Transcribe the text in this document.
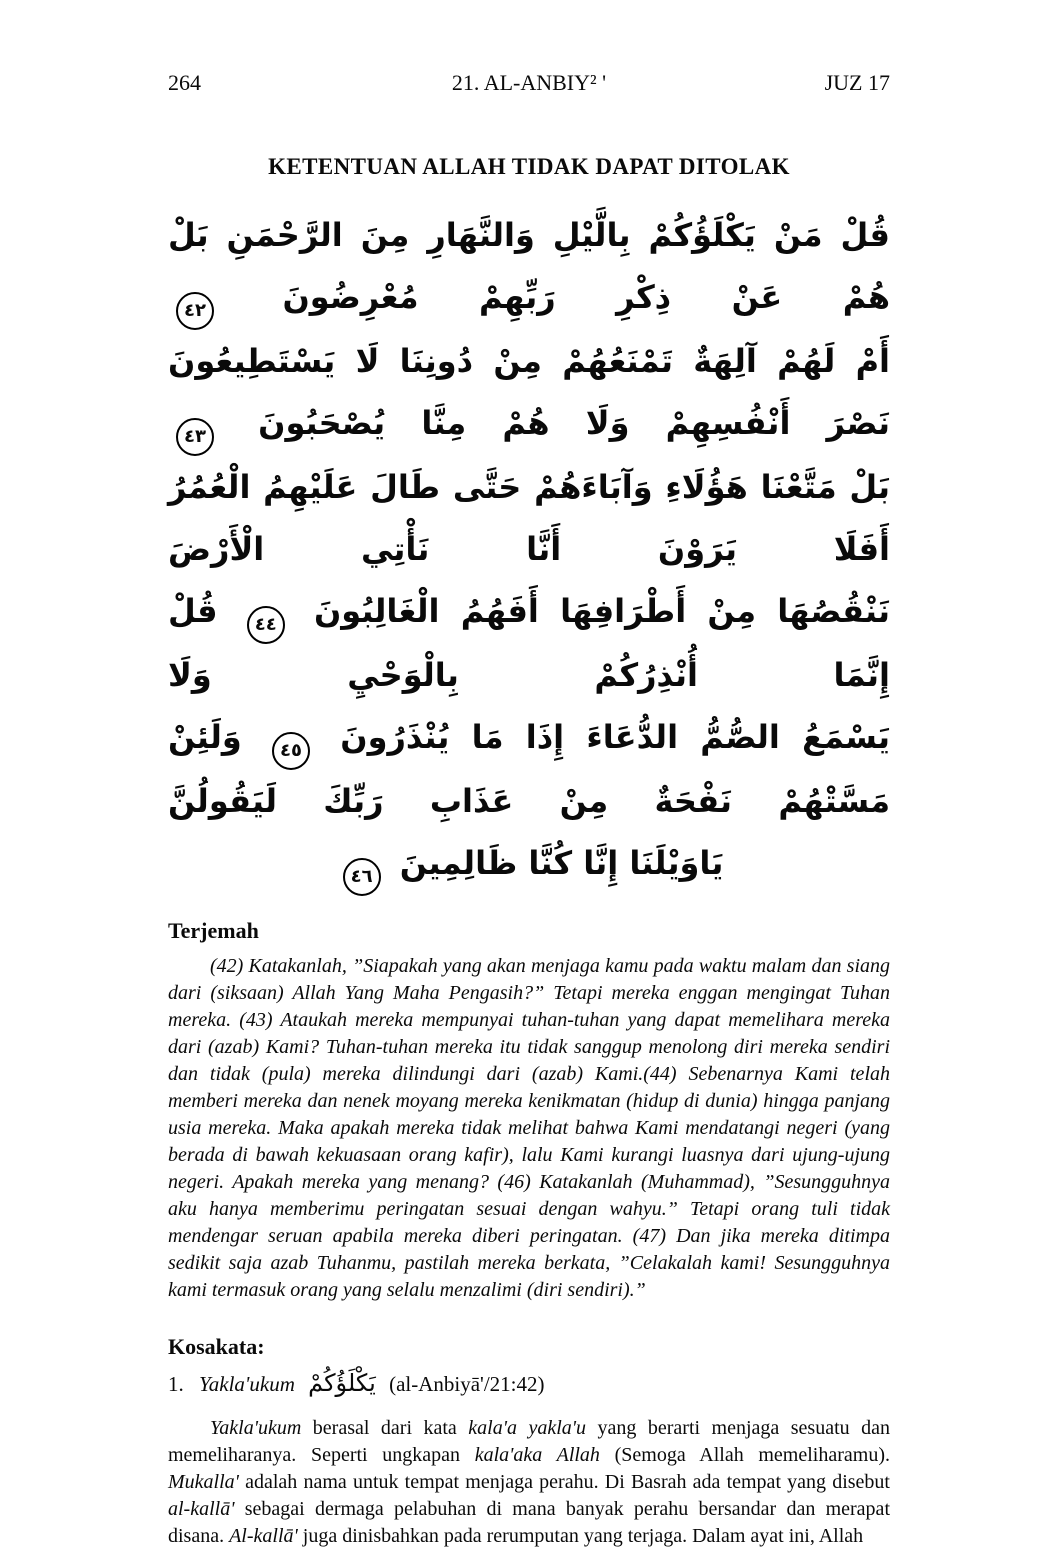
264	21. AL-ANBIY² '	JUZ 17
KETENTUAN ALLAH TIDAK DAPAT DITOLAK
قُلْ مَنْ يَكْلَؤُكُمْ بِالَّيْلِ وَالنَّهَارِ مِنَ الرَّحْمَنِ بَلْ هُمْ عَنْ ذِكْرِ رَبِّهِمْ مُعْرِضُونَ ٤٢
أَمْ لَهُمْ آلِهَةٌ تَمْنَعُهُمْ مِنْ دُونِنَا لَا يَسْتَطِيعُونَ نَصْرَ أَنْفُسِهِمْ وَلَا هُمْ مِنَّا يُصْحَبُونَ ٤٣
بَلْ مَتَّعْنَا هَؤُلَاءِ وَآبَاءَهُمْ حَتَّى طَالَ عَلَيْهِمُ الْعُمُرُ أَفَلَا يَرَوْنَ أَنَّا نَأْتِي الْأَرْضَ
نَنْقُصُهَا مِنْ أَطْرَافِهَا أَفَهُمُ الْغَالِبُونَ ٤٤ قُلْ إِنَّمَا أُنْذِرُكُمْ بِالْوَحْيِ وَلَا
يَسْمَعُ الصُّمُّ الدُّعَاءَ إِذَا مَا يُنْذَرُونَ ٤٥ وَلَئِنْ مَسَّتْهُمْ نَفْحَةٌ مِنْ عَذَابِ رَبِّكَ لَيَقُولُنَّ
يَاوَيْلَنَا إِنَّا كُنَّا ظَالِمِينَ ٤٦
Terjemah
(42) Katakanlah, ”Siapakah yang akan menjaga kamu pada waktu malam dan siang dari (siksaan) Allah Yang Maha Pengasih?” Tetapi mereka enggan mengingat Tuhan mereka. (43) Ataukah mereka mempunyai tuhan-tuhan yang dapat memelihara mereka dari (azab) Kami? Tuhan-tuhan mereka itu tidak sanggup menolong diri mereka sendiri dan tidak (pula) mereka dilindungi dari (azab) Kami.(44) Sebenarnya Kami telah memberi mereka dan nenek moyang mereka kenikmatan (hidup di dunia) hingga panjang usia mereka. Maka apakah mereka tidak melihat bahwa Kami mendatangi negeri (yang berada di bawah kekuasaan orang kafir), lalu Kami kurangi luasnya dari ujung-ujung negeri. Apakah mereka yang menang? (46) Katakanlah (Muhammad), ”Sesungguhnya aku hanya memberimu peringatan sesuai dengan wahyu.” Tetapi orang tuli tidak mendengar seruan apabila mereka diberi peringatan. (47) Dan jika mereka ditimpa sedikit saja azab Tuhanmu, pastilah mereka berkata, ”Celakalah kami! Sesungguhnya kami termasuk orang yang selalu menzalimi (diri sendiri).”
Kosakata:
1. Yakla'ukum يَكْلَؤُكُمْ (al-Anbiyā'/21:42)
Yakla'ukum berasal dari kata kala'a yakla'u yang berarti menjaga sesuatu dan memeliharanya. Seperti ungkapan kala'aka Allah (Semoga Allah memeliharamu). Mukalla' adalah nama untuk tempat menjaga perahu. Di Basrah ada tempat yang disebut al-kallā' sebagai dermaga pelabuhan di mana banyak perahu bersandar dan merapat disana. Al-kallā' juga dinisbahkan pada rerumputan yang terjaga. Dalam ayat ini, Allah
